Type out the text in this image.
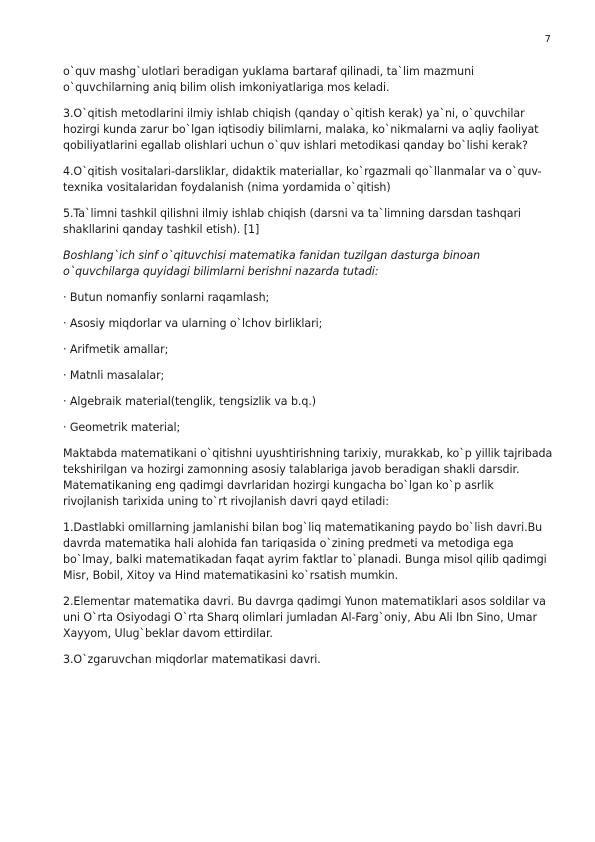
7

o`quv mashg`ulotlari beradigan yuklama bartaraf qilinadi, ta`lim mazmuni o`quvchilarning aniq bilim olish imkoniyatlariga mos keladi.

3.O`qitish metodlarini ilmiy ishlab chiqish (qanday o`qitish kerak) ya`ni, o`quvchilar hozirgi kunda zarur bo`lgan iqtisodiy bilimlarni, malaka, ko`nikmalarni va aqliy faoliyat qobiliyatlarini egallab olishlari uchun o`quv ishlari metodikasi qanday bo`lishi kerak?

4.O`qitish vositalari-darsliklar, didaktik materiallar, ko`rgazmali qo`llanmalar va o`quv-texnika vositalaridan foydalanish (nima yordamida o`qitish)

5.Ta`limni tashkil qilishni ilmiy ishlab chiqish (darsni va ta`limning darsdan tashqari shakllarini qanday tashkil etish). [1]

Boshlang`ich sinf o`qituvchisi matematika fanidan tuzilgan dasturga binoan o`quvchilarga quyidagi bilimlarni berishni nazarda tutadi:

· Butun nomanfiy sonlarni raqamlash;

· Asosiy miqdorlar va ularning o`lchov birliklari;

· Arifmetik amallar;

· Matnli masalalar;

· Algebraik material(tenglik, tengsizlik va b.q.)

· Geometrik material;

Maktabda matematikani o`qitishni uyushtirishning tarixiy, murakkab, ko`p yillik tajribada tekshirilgan va hozirgi zamonning asosiy talablariga javob beradigan shakli darsdir. Matematikaning eng qadimgi davrlaridan hozirgi kungacha bo`lgan ko`p asrlik rivojlanish tarixida uning to`rt rivojlanish davri qayd etiladi:

1.Dastlabki omillarning jamlanishi bilan bog`liq matematikaning paydo bo`lish davri.Bu davrda matematika hali alohida fan tariqasida o`zining predmeti va metodiga ega bo`lmay, balki matematikadan faqat ayrim faktlar to`planadi. Bunga misol qilib qadimgi Misr, Bobil, Xitoy va Hind matematikasini ko`rsatish mumkin.

2.Elementar matematika davri. Bu davrga qadimgi Yunon matematiklari asos soldilar va uni O`rta Osiyodagi O`rta Sharq olimlari jumladan Al-Farg`oniy, Abu Ali Ibn Sino, Umar Xayyom, Ulug`beklar davom ettirdilar.

3.O`zgaruvchan miqdorlar matematikasi davri.
